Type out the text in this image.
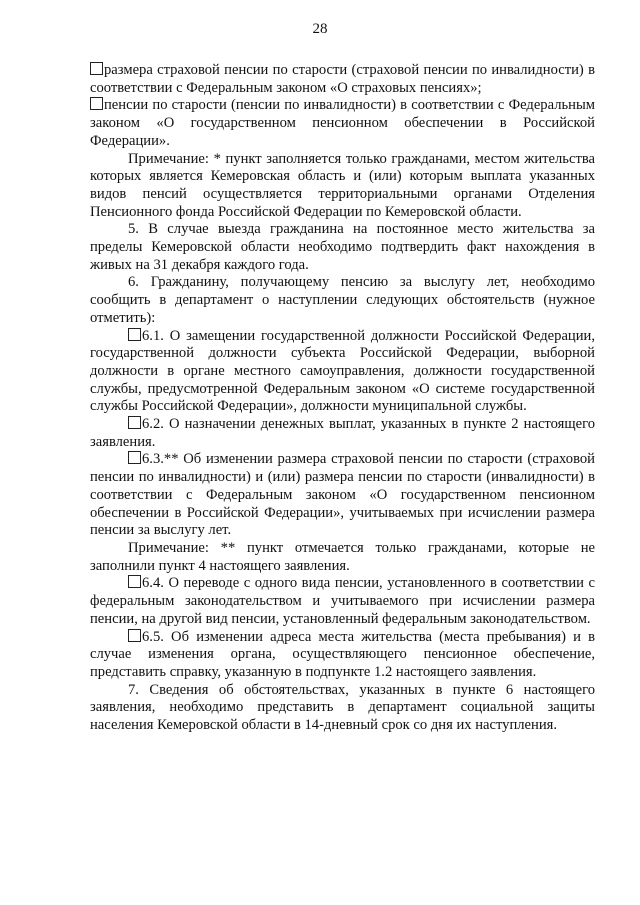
28

размера страховой пенсии по старости (страховой пенсии по инвалидности) в соответствии с Федеральным законом «О страховых пенсиях»;

пенсии по старости (пенсии по инвалидности) в соответствии с Федеральным законом «О государственном пенсионном обеспечении в Российской Федерации».

Примечание: * пункт заполняется только гражданами, местом жительства которых является Кемеровская область и (или) которым выплата указанных видов пенсий осуществляется территориальными органами Отделения Пенсионного фонда Российской Федерации по Кемеровской области.

5. В случае выезда гражданина на постоянное место жительства за пределы Кемеровской области необходимо подтвердить факт нахождения в живых на 31 декабря каждого года.

6. Гражданину, получающему пенсию за выслугу лет, необходимо сообщить в департамент о наступлении следующих обстоятельств (нужное отметить):

6.1. О замещении государственной должности Российской Федерации, государственной должности субъекта Российской Федерации, выборной должности в органе местного самоуправления, должности государственной службы, предусмотренной Федеральным законом «О системе государственной службы Российской Федерации», должности муниципальной службы.

6.2. О назначении денежных выплат, указанных в пункте 2 настоящего заявления.

6.3.** Об изменении размера страховой пенсии по старости (страховой пенсии по инвалидности) и (или) размера пенсии по старости (инвалидности) в соответствии с Федеральным законом «О государственном пенсионном обеспечении в Российской Федерации», учитываемых при исчислении размера пенсии за выслугу лет.

Примечание: ** пункт отмечается только гражданами, которые не заполнили пункт 4 настоящего заявления.

6.4. О переводе с одного вида пенсии, установленного в соответствии с федеральным законодательством и учитываемого при исчислении размера пенсии, на другой вид пенсии, установленный федеральным законодательством.

6.5. Об изменении адреса места жительства (места пребывания) и в случае изменения органа, осуществляющего пенсионное обеспечение, представить справку, указанную в подпункте 1.2 настоящего заявления.

7. Сведения об обстоятельствах, указанных в пункте 6 настоящего заявления, необходимо представить в департамент социальной защиты населения Кемеровской области в 14-дневный срок со дня их наступления.
